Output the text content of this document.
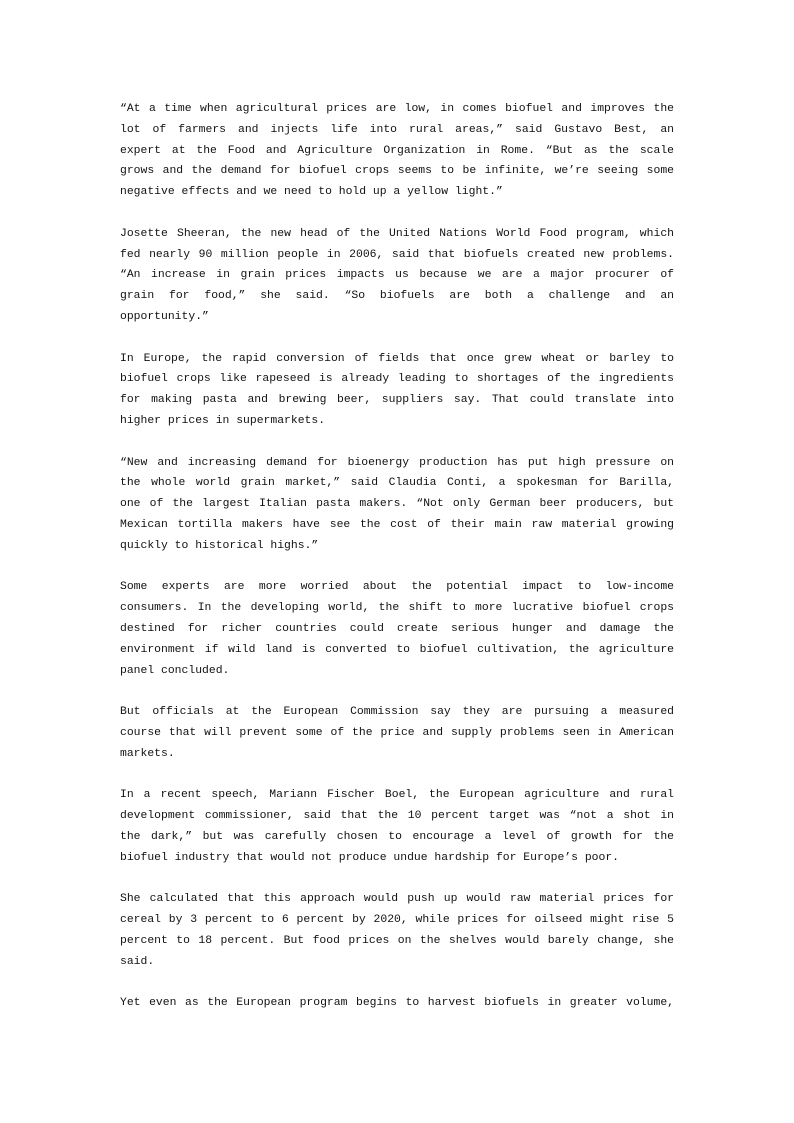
“At a time when agricultural prices are low, in comes biofuel and improves the
lot of farmers and injects life into rural areas,” said Gustavo Best, an
expert at the Food and Agriculture Organization in Rome. “But as the scale
grows and the demand for biofuel crops seems to be infinite, we’re seeing some
negative effects and we need to hold up a yellow light.”
Josette Sheeran, the new head of the United Nations World Food program, which
fed nearly 90 million people in 2006, said that biofuels created new problems.
“An increase in grain prices impacts us because we are a major procurer of
grain for food,” she said. “So biofuels are both a challenge and an
opportunity.”
In Europe, the rapid conversion of fields that once grew wheat or barley to
biofuel crops like rapeseed is already leading to shortages of the ingredients
for making pasta and brewing beer, suppliers say. That could translate into
higher prices in supermarkets.
“New and increasing demand for bioenergy production has put high pressure on
the whole world grain market,” said Claudia Conti, a spokesman for Barilla,
one of the largest Italian pasta makers. “Not only German beer producers, but
Mexican tortilla makers have see the cost of their main raw material growing
quickly to historical highs.”
Some experts are more worried about the potential impact to low-income
consumers. In the developing world, the shift to more lucrative biofuel crops
destined for richer countries could create serious hunger and damage the
environment if wild land is converted to biofuel cultivation, the agriculture
panel concluded.
But officials at the European Commission say they are pursuing a measured
course that will prevent some of the price and supply problems seen in American
markets.
In a recent speech, Mariann Fischer Boel, the European agriculture and rural
development commissioner, said that the 10 percent target was “not a shot in
the dark,” but was carefully chosen to encourage a level of growth for the
biofuel industry that would not produce undue hardship for Europe’s poor.
She calculated that this approach would push up would raw material prices for
cereal by 3 percent to 6 percent by 2020, while prices for oilseed might rise 5
percent to 18 percent. But food prices on the shelves would barely change, she
said.
Yet even as the European program begins to harvest biofuels in greater volume,
